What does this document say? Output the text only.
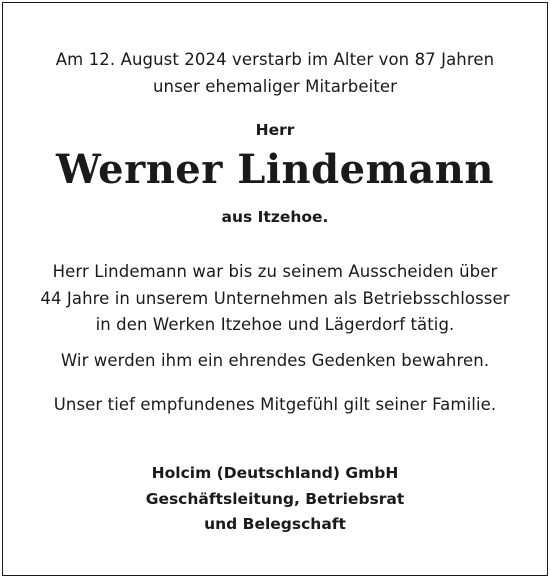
Am 12. August 2024 verstarb im Alter von 87 Jahren
unser ehemaliger Mitarbeiter
Herr
Werner Lindemann
aus Itzehoe.
Herr Lindemann war bis zu seinem Ausscheiden über
44 Jahre in unserem Unternehmen als Betriebsschlosser
in den Werken Itzehoe und Lägerdorf tätig.
Wir werden ihm ein ehrendes Gedenken bewahren.
Unser tief empfundenes Mitgefühl gilt seiner Familie.
Holcim (Deutschland) GmbH
Geschäftsleitung, Betriebsrat
und Belegschaft
